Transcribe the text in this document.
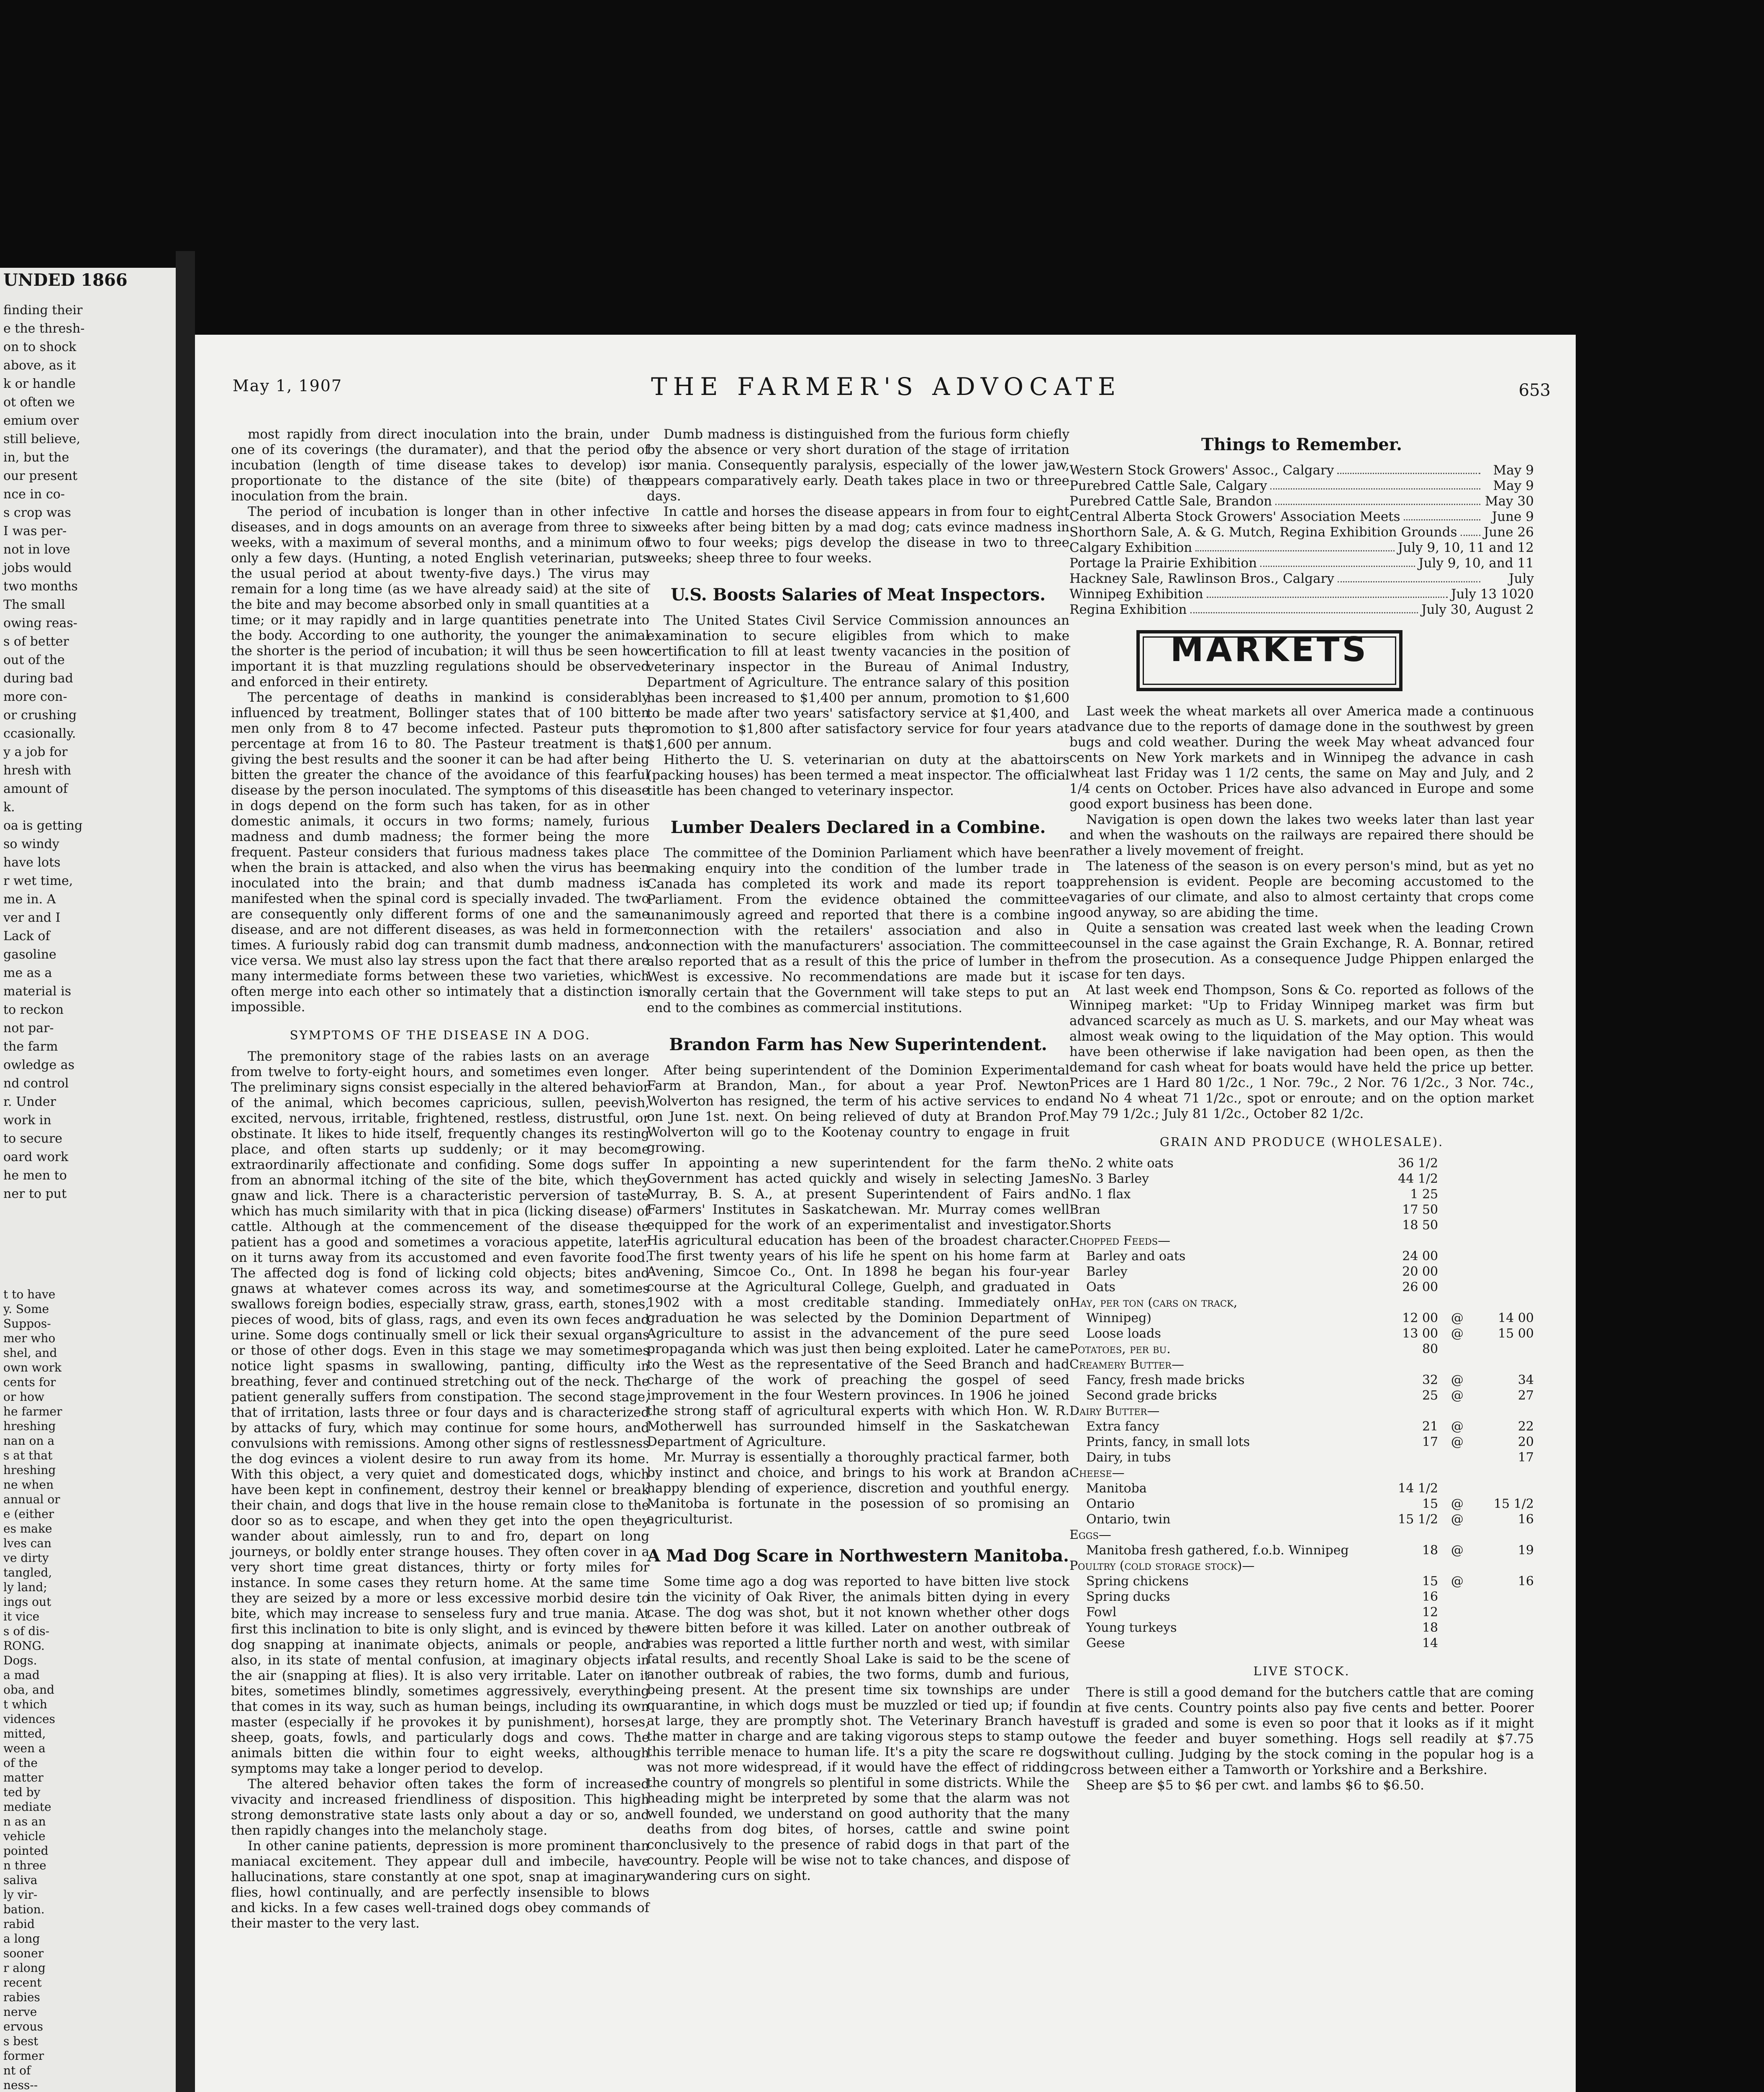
UNDED 1866
finding their
e the thresh-
on to shock
above, as it
k or handle
ot often we
emium over
still believe,
in, but the
our present
nce in co-
s crop was
I was per-
not in love
jobs would
two months
The small
owing reas-
s of better
out of the
during bad
more con-
or crushing
ccasionally.
y a job for
hresh with
amount of
k.
oa is getting
so windy
have lots
r wet time,
me in. A
ver and I
Lack of
gasoline
me as a
material is
to reckon
not par-
the farm
owledge as
nd control
r. Under
work in
to secure
oard work
he men to
ner to put
t to have
y. Some
Suppos-
mer who
shel, and
own work
cents for
or how
he farmer
hreshing
nan on a
s at that
hreshing
ne when
annual or
e (either
es make
lves can
ve dirty
tangled,
ly land;
ings out
it vice
s of dis-
RONG.
Dogs.
a mad
oba, and
t which
vidences
mitted,
ween a
of the
matter
ted by
mediate
n as an
vehicle
pointed
n three
saliva
ly vir-
bation.
rabid
a long
sooner
r along
recent
rabies
nerve
ervous
s best
former
nt of
ness--
May 1, 1907	THE FARMER'S ADVOCATE	653

most rapidly from direct inoculation into the brain, under one of its coverings (the duramater), and that the period of incubation (length of time disease takes to develop) is proportionate to the distance of the site (bite) of the inoculation from the brain.

The period of incubation is longer than in other infective diseases, and in dogs amounts on an average from three to six weeks, with a maximum of several months, and a minimum of only a few days. (Hunting, a noted English veterinarian, puts the usual period at about twenty-five days.) The virus may remain for a long time (as we have already said) at the site of the bite and may become absorbed only in small quantities at a time; or it may rapidly and in large quantities penetrate into the body. According to one authority, the younger the animal the shorter is the period of incubation; it will thus be seen how important it is that muzzling regulations should be observed and enforced in their entirety.

The percentage of deaths in mankind is considerably influenced by treatment, Bollinger states that of 100 bitten men only from 8 to 47 become infected. Pasteur puts the percentage at from 16 to 80. The Pasteur treatment is that giving the best results and the sooner it can be had after being bitten the greater the chance of the avoidance of this fearful disease by the person inoculated. The symptoms of this disease in dogs depend on the form such has taken, for as in other domestic animals, it occurs in two forms; namely, furious madness and dumb madness; the former being the more frequent. Pasteur considers that furious madness takes place when the brain is attacked, and also when the virus has been inoculated into the brain; and that dumb madness is manifested when the spinal cord is specially invaded. The two are consequently only different forms of one and the same disease, and are not different diseases, as was held in former times. A furiously rabid dog can transmit dumb madness, and vice versa. We must also lay stress upon the fact that there are many intermediate forms between these two varieties, which often merge into each other so intimately that a distinction is impossible.

SYMPTOMS OF THE DISEASE IN A DOG.

The premonitory stage of the rabies lasts on an average from twelve to forty-eight hours, and sometimes even longer. The preliminary signs consist especially in the altered behavior of the animal, which becomes capricious, sullen, peevish, excited, nervous, irritable, frightened, restless, distrustful, or obstinate. It likes to hide itself, frequently changes its resting place, and often starts up suddenly; or it may become extraordinarily affectionate and confiding. Some dogs suffer from an abnormal itching of the site of the bite, which they gnaw and lick. There is a characteristic perversion of taste which has much similarity with that in pica (licking disease) of cattle. Although at the commencement of the disease the patient has a good and sometimes a voracious appetite, later on it turns away from its accustomed and even favorite food. The affected dog is fond of licking cold objects; bites and gnaws at whatever comes across its way, and sometimes swallows foreign bodies, especially straw, grass, earth, stones, pieces of wood, bits of glass, rags, and even its own feces and urine. Some dogs continually smell or lick their sexual organs or those of other dogs. Even in this stage we may sometimes notice light spasms in swallowing, panting, difficulty in breathing, fever and continued stretching out of the neck. The patient generally suffers from constipation. The second stage, that of irritation, lasts three or four days and is characterized by attacks of fury, which may continue for some hours, and convulsions with remissions. Among other signs of restlessness the dog evinces a violent desire to run away from its home. With this object, a very quiet and domesticated dogs, which have been kept in confinement, destroy their kennel or break their chain, and dogs that live in the house remain close to the door so as to escape, and when they get into the open they wander about aimlessly, run to and fro, depart on long journeys, or boldly enter strange houses. They often cover in a very short time great distances, thirty or forty miles for instance. In some cases they return home. At the same time they are seized by a more or less excessive morbid desire to bite, which may increase to senseless fury and true mania. At first this inclination to bite is only slight, and is evinced by the dog snapping at inanimate objects, animals or people, and also, in its state of mental confusion, at imaginary objects in the air (snapping at flies). It is also very irritable. Later on it bites, sometimes blindly, sometimes aggressively, everything that comes in its way, such as human beings, including its own master (especially if he provokes it by punishment), horses, sheep, goats, fowls, and particularly dogs and cows. The animals bitten die within four to eight weeks, although symptoms may take a longer period to develop.

The altered behavior often takes the form of increased vivacity and increased friendliness of disposition. This high strong demonstrative state lasts only about a day or so, and then rapidly changes into the melancholy stage.

In other canine patients, depression is more prominent than maniacal excitement. They appear dull and imbecile, have hallucinations, stare constantly at one spot, snap at imaginary flies, howl continually, and are perfectly insensible to blows and kicks. In a few cases well-trained dogs obey commands of their master to the very last.

Dumb madness is distinguished from the furious form chiefly by the absence or very short duration of the stage of irritation or mania. Consequently paralysis, especially of the lower jaw, appears comparatively early. Death takes place in two or three days.

In cattle and horses the disease appears in from four to eight weeks after being bitten by a mad dog; cats evince madness in two to four weeks; pigs develop the disease in two to three weeks; sheep three to four weeks.

U.S. Boosts Salaries of Meat Inspectors.

The United States Civil Service Commission announces an examination to secure eligibles from which to make certification to fill at least twenty vacancies in the position of veterinary inspector in the Bureau of Animal Industry, Department of Agriculture. The entrance salary of this position has been increased to $1,400 per annum, promotion to $1,600 to be made after two years' satisfactory service at $1,400, and promotion to $1,800 after satisfactory service for four years at $1,600 per annum.

Hitherto the U. S. veterinarian on duty at the abattoirs (packing houses) has been termed a meat inspector. The official title has been changed to veterinary inspector.

Lumber Dealers Declared in a Combine.

The committee of the Dominion Parliament which have been making enquiry into the condition of the lumber trade in Canada has completed its work and made its report to Parliament. From the evidence obtained the committee unanimously agreed and reported that there is a combine in connection with the retailers' association and also in connection with the manufacturers' association. The committee also reported that as a result of this the price of lumber in the West is excessive. No recommendations are made but it is morally certain that the Government will take steps to put an end to the combines as commercial institutions.

Brandon Farm has New Superintendent.

After being superintendent of the Dominion Experimental Farm at Brandon, Man., for about a year Prof. Newton Wolverton has resigned, the term of his active services to end on June 1st. next. On being relieved of duty at Brandon Prof. Wolverton will go to the Kootenay country to engage in fruit growing.

In appointing a new superintendent for the farm the Government has acted quickly and wisely in selecting James Murray, B. S. A., at present Superintendent of Fairs and Farmers' Institutes in Saskatchewan. Mr. Murray comes well equipped for the work of an experimentalist and investigator. His agricultural education has been of the broadest character. The first twenty years of his life he spent on his home farm at Avening, Simcoe Co., Ont. In 1898 he began his four-year course at the Agricultural College, Guelph, and graduated in 1902 with a most creditable standing. Immediately on graduation he was selected by the Dominion Department of Agriculture to assist in the advancement of the pure seed propaganda which was just then being exploited. Later he came to the West as the representative of the Seed Branch and had charge of the work of preaching the gospel of seed improvement in the four Western provinces. In 1906 he joined the strong staff of agricultural experts with which Hon. W. R. Motherwell has surrounded himself in the Saskatchewan Department of Agriculture.

Mr. Murray is essentially a thoroughly practical farmer, both by instinct and choice, and brings to his work at Brandon a happy blending of experience, discretion and youthful energy. Manitoba is fortunate in the posession of so promising an agriculturist.

A Mad Dog Scare in Northwestern Manitoba.

Some time ago a dog was reported to have bitten live stock in the vicinity of Oak River, the animals bitten dying in every case. The dog was shot, but it not known whether other dogs were bitten before it was killed. Later on another outbreak of rabies was reported a little further north and west, with similar fatal results, and recently Shoal Lake is said to be the scene of another outbreak of rabies, the two forms, dumb and furious, being present. At the present time six townships are under quarantine, in which dogs must be muzzled or tied up; if found at large, they are promptly shot. The Veterinary Branch have the matter in charge and are taking vigorous steps to stamp out this terrible menace to human life. It's a pity the scare re dogs was not more widespread, if it would have the effect of ridding the country of mongrels so plentiful in some districts. While the heading might be interpreted by some that the alarm was not well founded, we understand on good authority that the many deaths from dog bites, of horses, cattle and swine point conclusively to the presence of rabid dogs in that part of the country. People will be wise not to take chances, and dispose of wandering curs on sight.

Things to Remember.
Western Stock Growers' Assoc., Calgary	May 9
Purebred Cattle Sale, Calgary	May 9
Purebred Cattle Sale, Brandon	May 30
Central Alberta Stock Growers' Association Meets	June 9
Shorthorn Sale, A. & G. Mutch, Regina Exhibition Grounds June 26
Calgary Exhibition	July 9, 10, 11 and 12
Portage la Prairie Exhibition	July 9, 10, and 11
Hackney Sale, Rawlinson Bros., Calgary	July
Winnipeg Exhibition	July 13 1020
Regina Exhibition	July 30, August 2
MARKETS

Last week the wheat markets all over America made a continuous advance due to the reports of damage done in the southwest by green bugs and cold weather. During the week May wheat advanced four cents on New York markets and in Winnipeg the advance in cash wheat last Friday was 1 1/2 cents, the same on May and July, and 2 1/4 cents on October. Prices have also advanced in Europe and some good export business has been done.

Navigation is open down the lakes two weeks later than last year and when the washouts on the railways are repaired there should be rather a lively movement of freight.

The lateness of the season is on every person's mind, but as yet no apprehension is evident. People are becoming accustomed to the vagaries of our climate, and also to almost certainty that crops come good anyway, so are abiding the time.

Quite a sensation was created last week when the leading Crown counsel in the case against the Grain Exchange, R. A. Bonnar, retired from the prosecution. As a consequence Judge Phippen enlarged the case for ten days.

At last week end Thompson, Sons & Co. reported as follows of the Winnipeg market: "Up to Friday Winnipeg market was firm but advanced scarcely as much as U. S. markets, and our May wheat was almost weak owing to the liquidation of the May option. This would have been otherwise if lake navigation had been open, as then the demand for cash wheat for boats would have held the price up better. Prices are 1 Hard 80 1/2c., 1 Nor. 79c., 2 Nor. 76 1/2c., 3 Nor. 74c., and No 4 wheat 71 1/2c., spot or enroute; and on the option market May 79 1/2c.; July 81 1/2c., October 82 1/2c.

GRAIN AND PRODUCE (WHOLESALE).
No. 2 white oats	36 1/2		
No. 3 Barley	44 1/2		
No. 1 flax	1 25		
Bran	17 50		
Shorts	18 50		
Chopped Feeds—			
Barley and oats	24 00		
Barley	20 00		
Oats	26 00		
Hay, per ton (cars on track,			
Winnipeg)	12 00	@	14 00
Loose loads	13 00	@	15 00
Potatoes, per bu.	80		
Creamery Butter—			
Fancy, fresh made bricks	32	@	34
Second grade bricks	25	@	27
Dairy Butter—			
Extra fancy	21	@	22
Prints, fancy, in small lots	17	@	20
Dairy, in tubs			17
Cheese—			
Manitoba	14 1/2		
Ontario	15	@	15 1/2
Ontario, twin	15 1/2	@	16
Eggs—			
Manitoba fresh gathered, f.o.b. Winnipeg	18	@	19
Poultry (cold storage stock)—			
Spring chickens	15	@	16
Spring ducks	16		
Fowl	12		
Young turkeys	18		
Geese	14		
LIVE STOCK.

There is still a good demand for the butchers cattle that are coming in at five cents. Country points also pay five cents and better. Poorer stuff is graded and some is even so poor that it looks as if it might owe the feeder and buyer something. Hogs sell readily at $7.75 without culling. Judging by the stock coming in the popular hog is a cross between either a Tamworth or Yorkshire and a Berkshire.

Sheep are $5 to $6 per cwt. and lambs $6 to $6.50.
